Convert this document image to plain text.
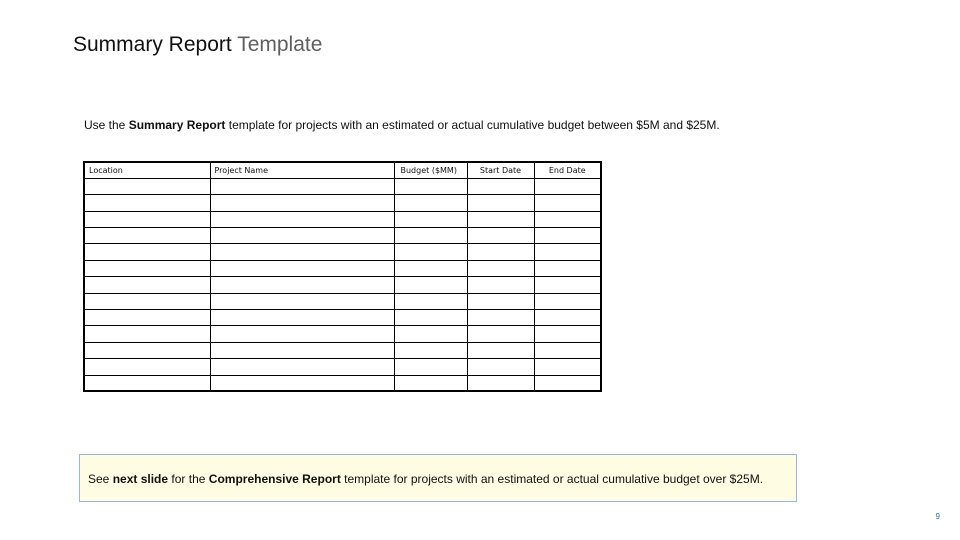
Summary Report Template
Use the Summary Report template for projects with an estimated or actual cumulative budget between $5M and $25M.
Location	Project Name	Budget ($MM)	Start Date	End Date

See next slide for the Comprehensive Report template for projects with an estimated or actual cumulative budget over $25M.
9
